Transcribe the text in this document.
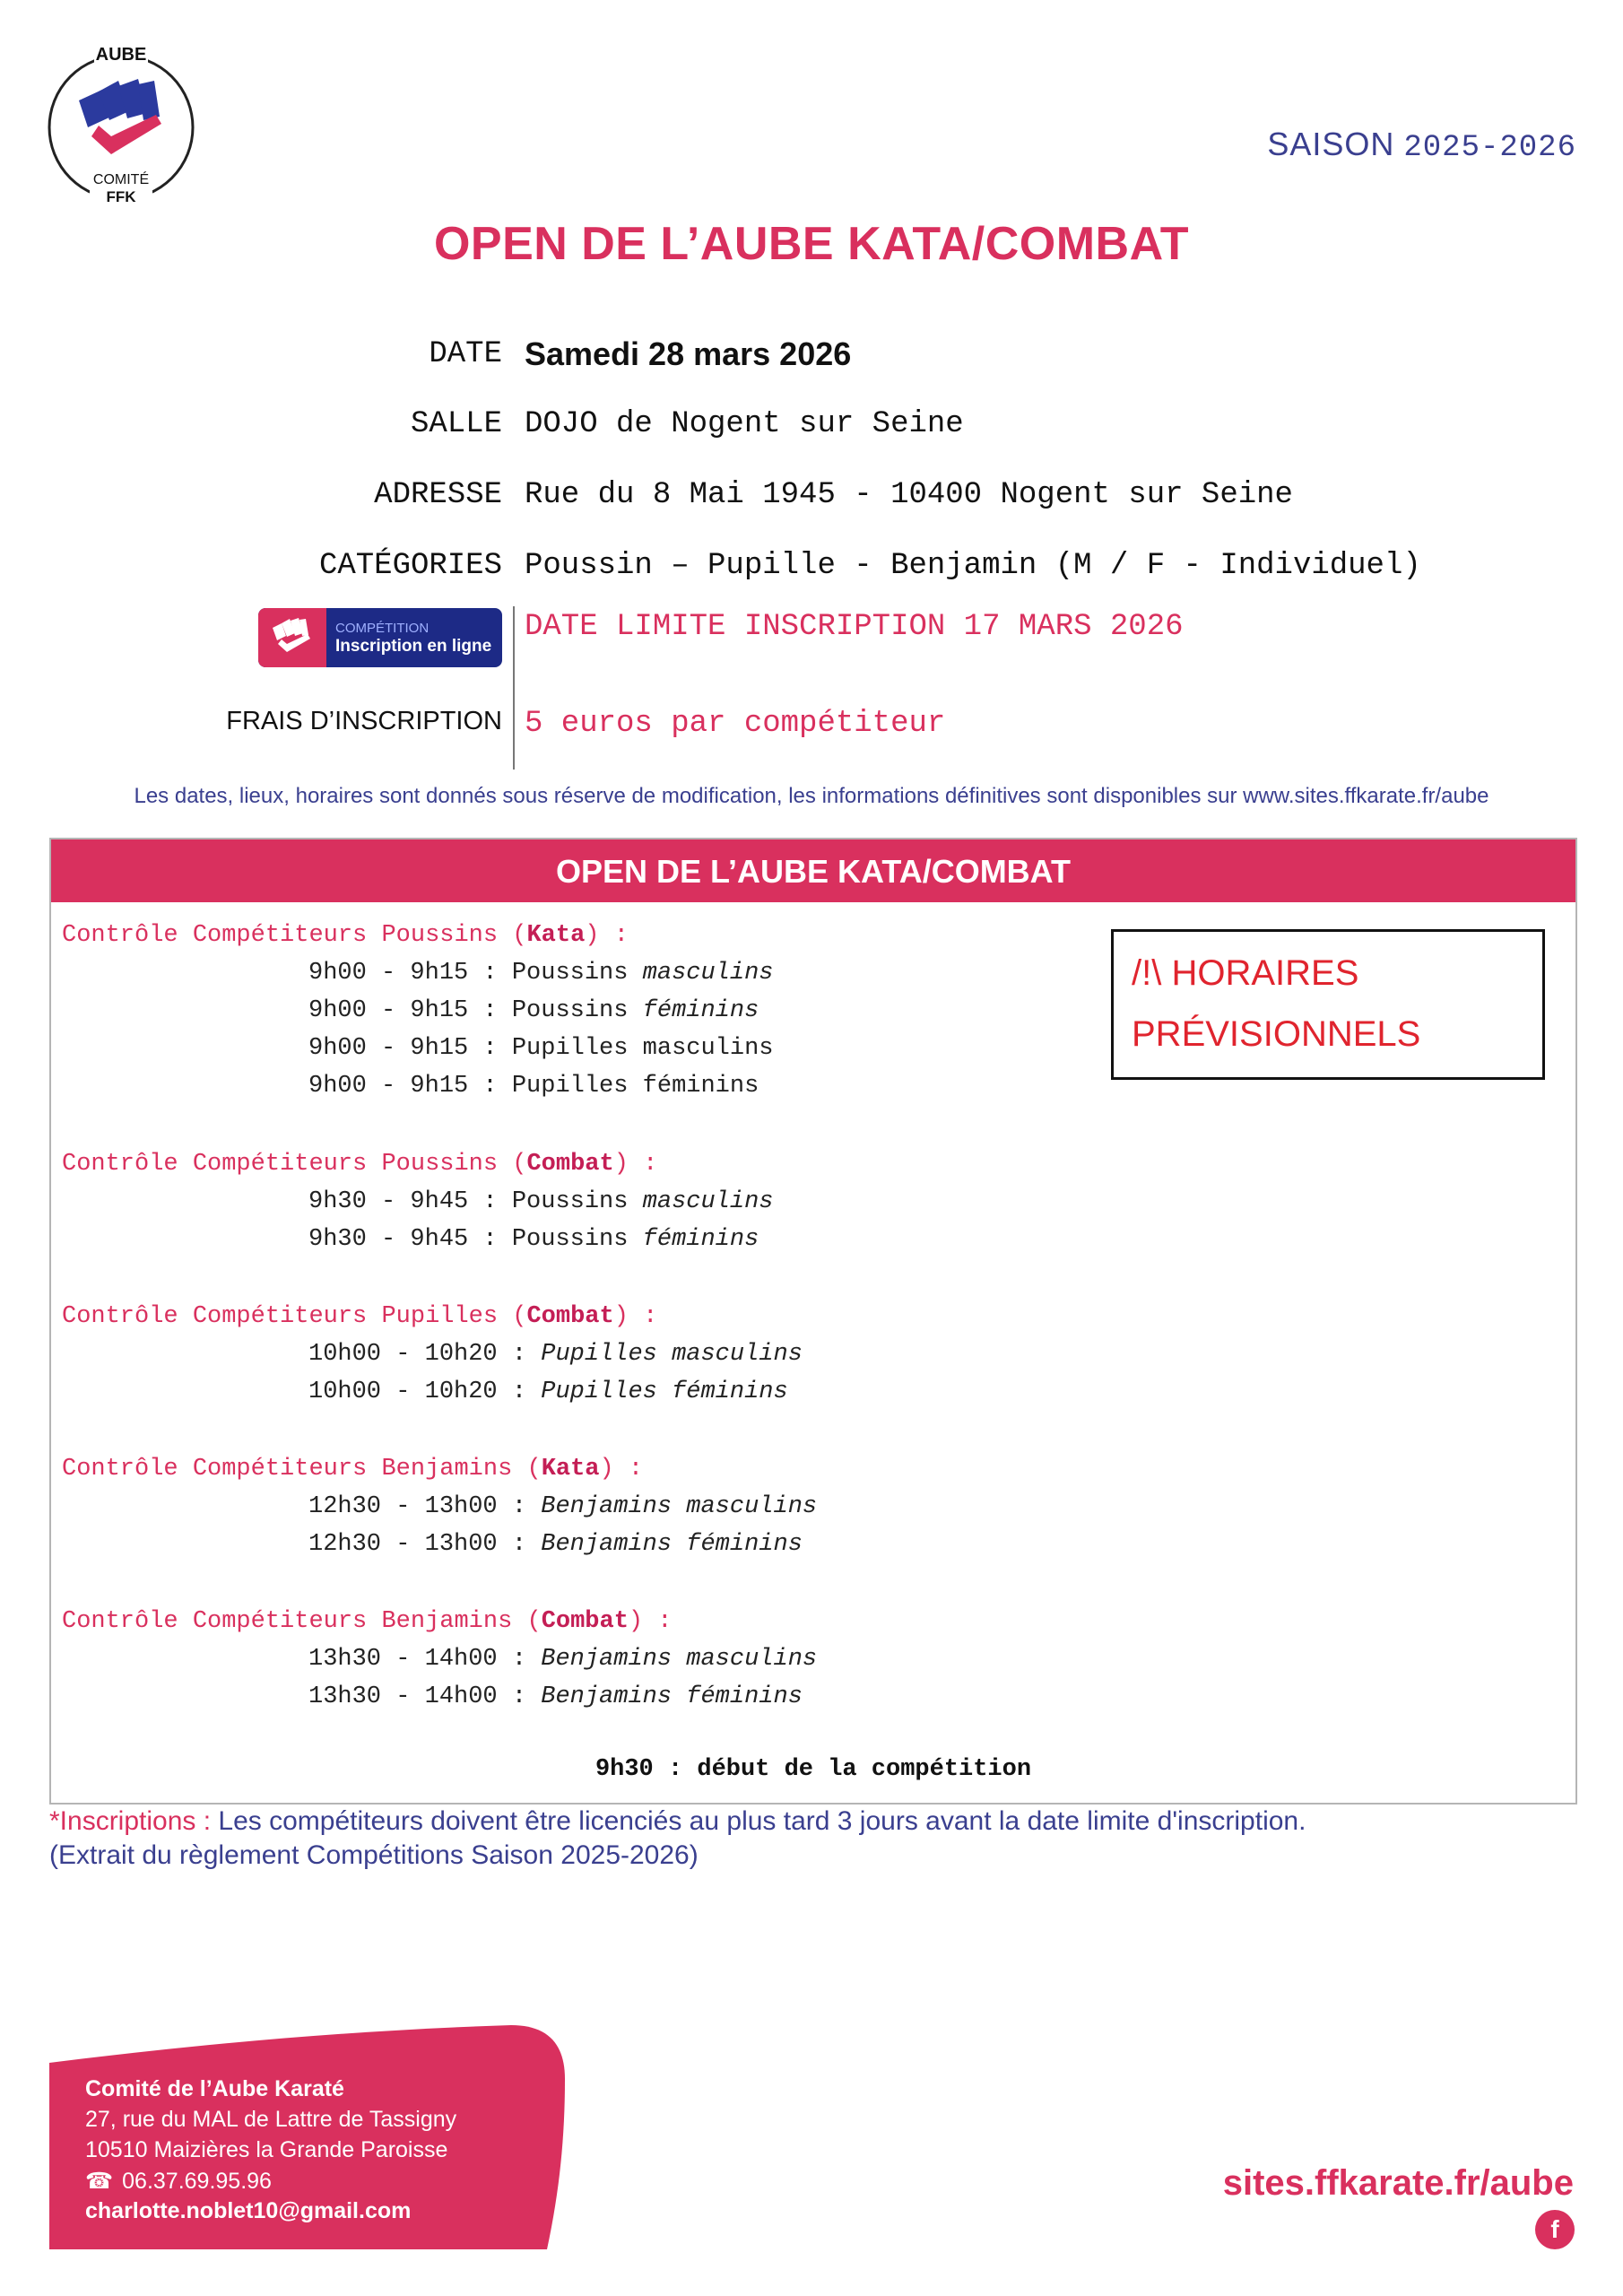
AUBE
COMITÉ
FFK
SAISON 2025-2026
OPEN DE L’AUBE KATA/COMBAT
DATE Samedi 28 mars 2026
SALLE DOJO de Nogent sur Seine
ADRESSE Rue du 8 Mai 1945 - 10400 Nogent sur Seine
CATÉGORIES Poussin – Pupille - Benjamin (M / F - Individuel)
COMPÉTITION
Inscription en ligne
DATE LIMITE INSCRIPTION 17 MARS 2026
FRAIS D’INSCRIPTION 5 euros par compétiteur
Les dates, lieux, horaires sont donnés sous réserve de modification, les informations définitives sont disponibles sur www.sites.ffkarate.fr/aube
OPEN DE L’AUBE KATA/COMBAT
/!\ HORAIRES
PRÉVISIONNELS
Contrôle Compétiteurs Poussins (Kata) :
9h00 - 9h15 : Poussins masculins
9h00 - 9h15 : Poussins féminins
9h00 - 9h15 : Pupilles masculins
9h00 - 9h15 : Pupilles féminins
Contrôle Compétiteurs Poussins (Combat) :
9h30 - 9h45 : Poussins masculins
9h30 - 9h45 : Poussins féminins
Contrôle Compétiteurs Pupilles (Combat) :
10h00 - 10h20 : Pupilles masculins
10h00 - 10h20 : Pupilles féminins
Contrôle Compétiteurs Benjamins (Kata) :
12h30 - 13h00 : Benjamins masculins
12h30 - 13h00 : Benjamins féminins
Contrôle Compétiteurs Benjamins (Combat) :
13h30 - 14h00 : Benjamins masculins
13h30 - 14h00 : Benjamins féminins
9h30 : début de la compétition
*Inscriptions : Les compétiteurs doivent être licenciés au plus tard 3 jours avant la date limite d'inscription.
(Extrait du règlement Compétitions Saison 2025-2026)
Comité de l’Aube Karaté
27, rue du MAL de Lattre de Tassigny
10510 Maizières la Grande Paroisse
☎ 06.37.69.95.96
charlotte.noblet10@gmail.com
sites.ffkarate.fr/aube
f
